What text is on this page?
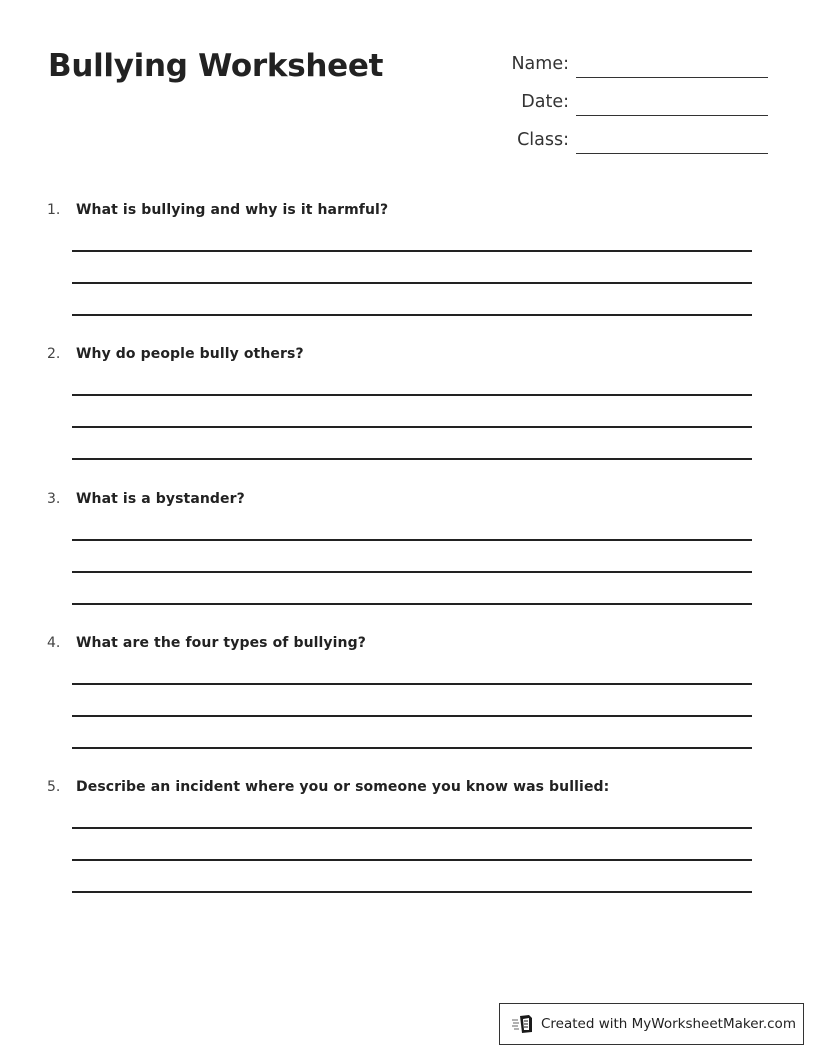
Bullying Worksheet	Name:
Date:
Class:
1. What is bullying and why is it harmful?
2. Why do people bully others?
3. What is a bystander?
4. What are the four types of bullying?
5. Describe an incident where you or someone you know was bullied:
Created with MyWorksheetMaker.com
